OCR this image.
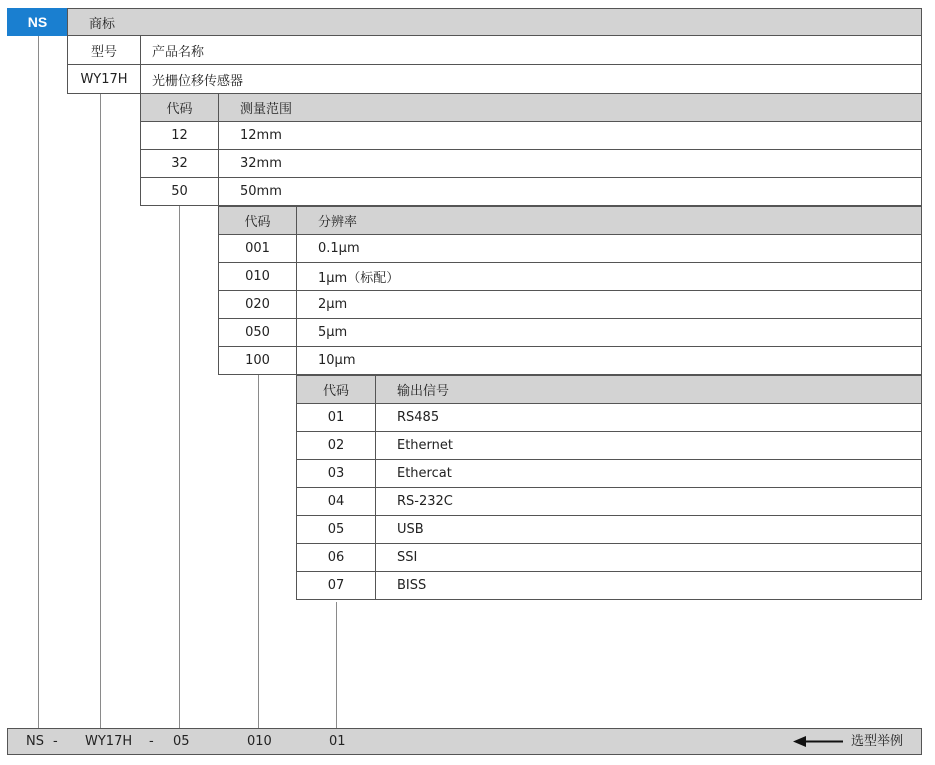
NS	商标
型号	产品名称
WY17H	光栅位移传感器
代码	测量范围
12	12mm
32	32mm
50	50mm
代码	分辨率
001	0.1μm
010	1μm（标配）
020	2μm
050	5μm
100	10μm
代码	输出信号
01	RS485
02	Ethernet
03	Ethercat
04	RS-232C
05	USB
06	SSI
07	BISS
NS - WY17H - 05	010	01	选型举例
